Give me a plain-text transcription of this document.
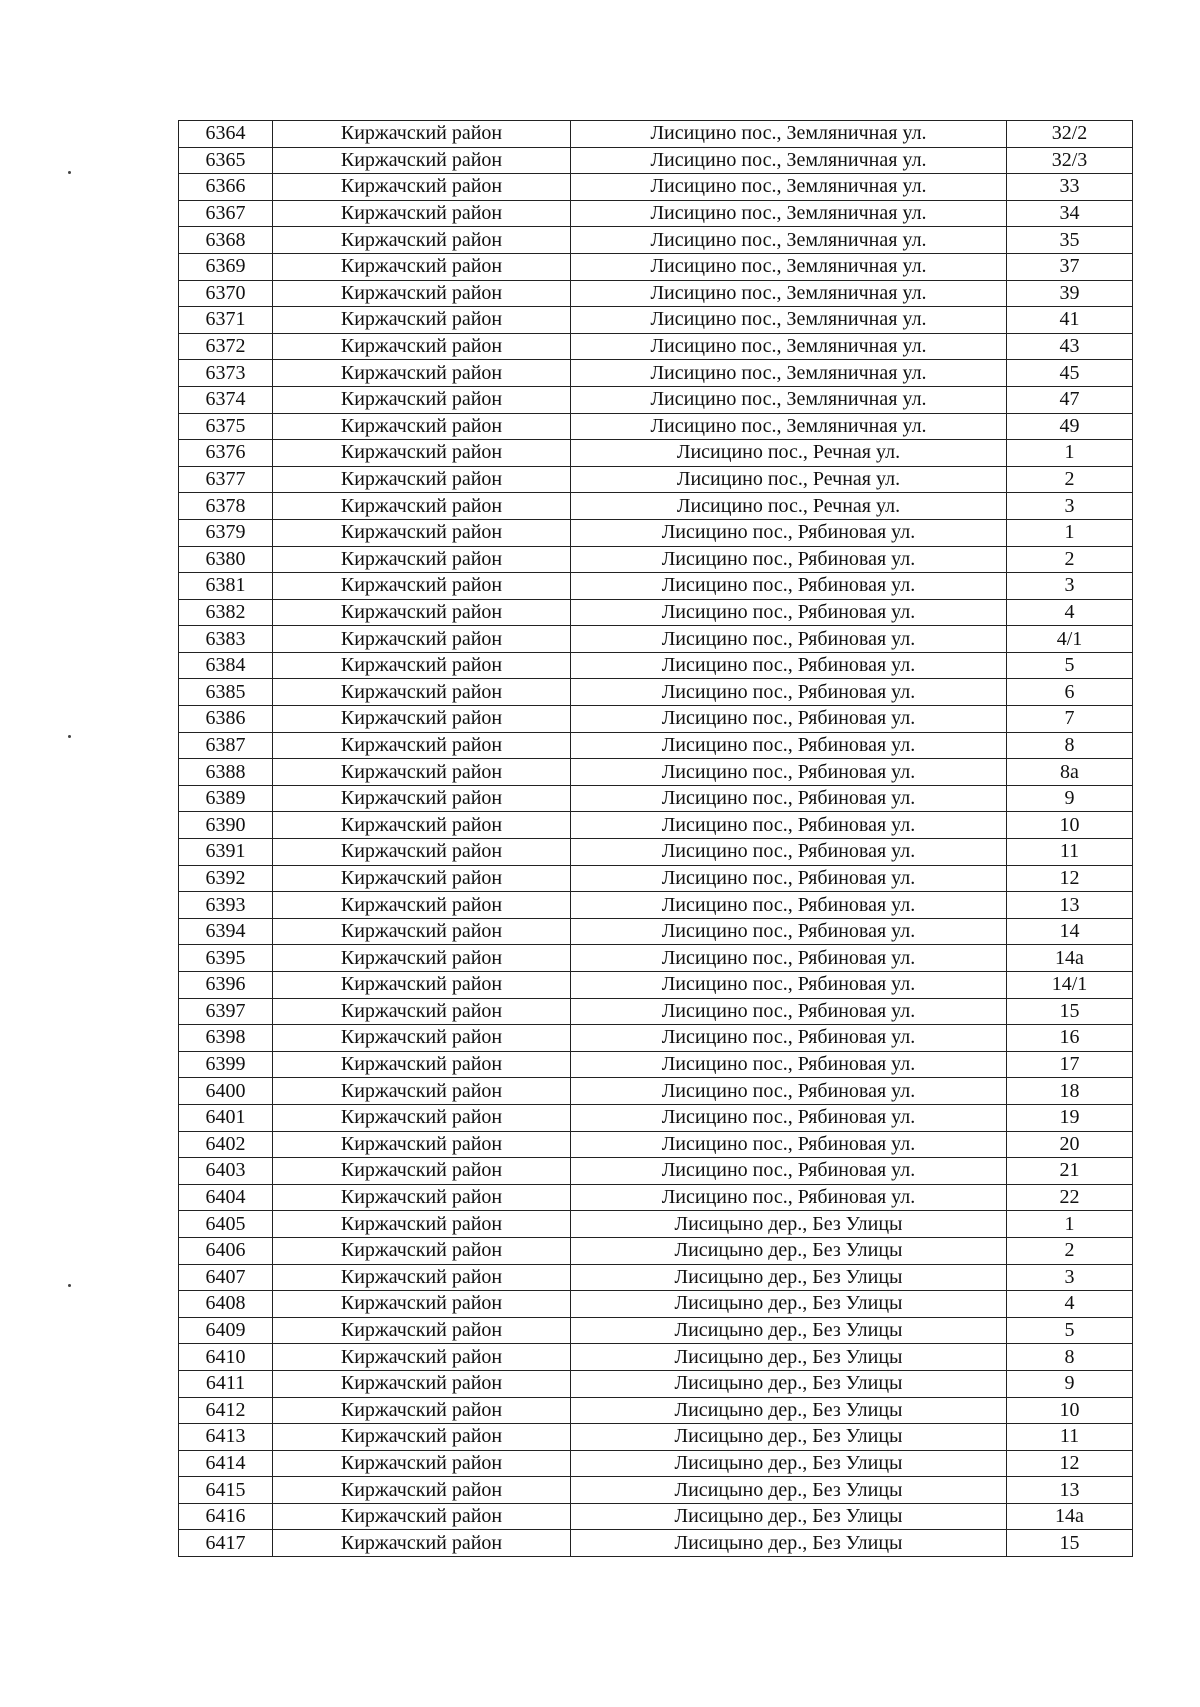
6364	Киржачский район	Лисицино пос., Земляничная ул.	32/2
6365	Киржачский район	Лисицино пос., Земляничная ул.	32/3
6366	Киржачский район	Лисицино пос., Земляничная ул.	33
6367	Киржачский район	Лисицино пос., Земляничная ул.	34
6368	Киржачский район	Лисицино пос., Земляничная ул.	35
6369	Киржачский район	Лисицино пос., Земляничная ул.	37
6370	Киржачский район	Лисицино пос., Земляничная ул.	39
6371	Киржачский район	Лисицино пос., Земляничная ул.	41
6372	Киржачский район	Лисицино пос., Земляничная ул.	43
6373	Киржачский район	Лисицино пос., Земляничная ул.	45
6374	Киржачский район	Лисицино пос., Земляничная ул.	47
6375	Киржачский район	Лисицино пос., Земляничная ул.	49
6376	Киржачский район	Лисицино пос., Речная ул.	1
6377	Киржачский район	Лисицино пос., Речная ул.	2
6378	Киржачский район	Лисицино пос., Речная ул.	3
6379	Киржачский район	Лисицино пос., Рябиновая ул.	1
6380	Киржачский район	Лисицино пос., Рябиновая ул.	2
6381	Киржачский район	Лисицино пос., Рябиновая ул.	3
6382	Киржачский район	Лисицино пос., Рябиновая ул.	4
6383	Киржачский район	Лисицино пос., Рябиновая ул.	4/1
6384	Киржачский район	Лисицино пос., Рябиновая ул.	5
6385	Киржачский район	Лисицино пос., Рябиновая ул.	6
6386	Киржачский район	Лисицино пос., Рябиновая ул.	7
6387	Киржачский район	Лисицино пос., Рябиновая ул.	8
6388	Киржачский район	Лисицино пос., Рябиновая ул.	8а
6389	Киржачский район	Лисицино пос., Рябиновая ул.	9
6390	Киржачский район	Лисицино пос., Рябиновая ул.	10
6391	Киржачский район	Лисицино пос., Рябиновая ул.	11
6392	Киржачский район	Лисицино пос., Рябиновая ул.	12
6393	Киржачский район	Лисицино пос., Рябиновая ул.	13
6394	Киржачский район	Лисицино пос., Рябиновая ул.	14
6395	Киржачский район	Лисицино пос., Рябиновая ул.	14а
6396	Киржачский район	Лисицино пос., Рябиновая ул.	14/1
6397	Киржачский район	Лисицино пос., Рябиновая ул.	15
6398	Киржачский район	Лисицино пос., Рябиновая ул.	16
6399	Киржачский район	Лисицино пос., Рябиновая ул.	17
6400	Киржачский район	Лисицино пос., Рябиновая ул.	18
6401	Киржачский район	Лисицино пос., Рябиновая ул.	19
6402	Киржачский район	Лисицино пос., Рябиновая ул.	20
6403	Киржачский район	Лисицино пос., Рябиновая ул.	21
6404	Киржачский район	Лисицино пос., Рябиновая ул.	22
6405	Киржачский район	Лисицыно дер., Без Улицы	1
6406	Киржачский район	Лисицыно дер., Без Улицы	2
6407	Киржачский район	Лисицыно дер., Без Улицы	3
6408	Киржачский район	Лисицыно дер., Без Улицы	4
6409	Киржачский район	Лисицыно дер., Без Улицы	5
6410	Киржачский район	Лисицыно дер., Без Улицы	8
6411	Киржачский район	Лисицыно дер., Без Улицы	9
6412	Киржачский район	Лисицыно дер., Без Улицы	10
6413	Киржачский район	Лисицыно дер., Без Улицы	11
6414	Киржачский район	Лисицыно дер., Без Улицы	12
6415	Киржачский район	Лисицыно дер., Без Улицы	13
6416	Киржачский район	Лисицыно дер., Без Улицы	14а
6417	Киржачский район	Лисицыно дер., Без Улицы	15
